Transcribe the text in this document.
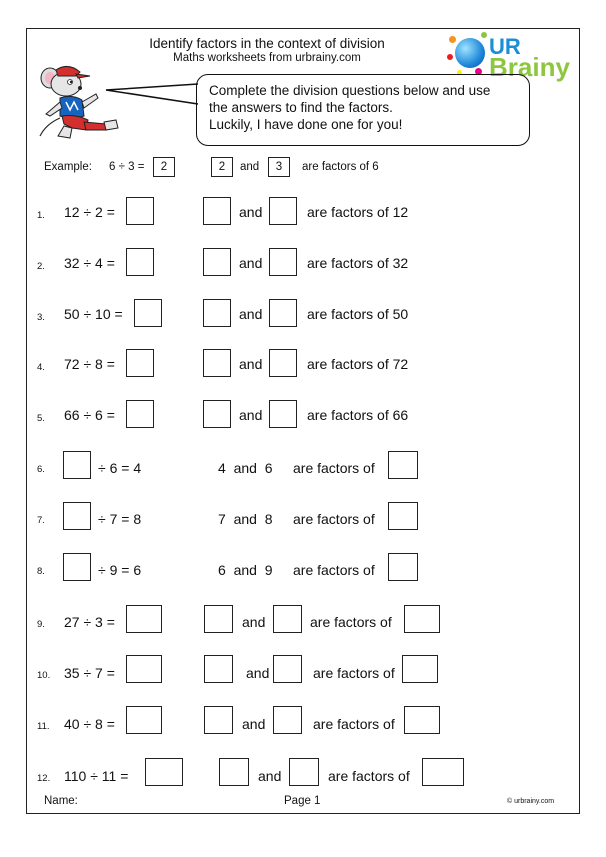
Identify factors in the context of division
Maths worksheets from urbrainy.com	UR
Brainy
Complete the division questions below and use
the answers to find the factors.
Luckily, I have done one for you!
Example: 6 ÷ 3 =	2	2	and	3	are factors of 6
1. 12 ÷ 2 =	and	are factors of 12
2. 32 ÷ 4 =	and	are factors of 32
3. 50 ÷ 10 =	and	are factors of 50
4. 72 ÷ 8 =	and	are factors of 72
5. 66 ÷ 6 =	and	are factors of 66
6.	÷ 6 = 4	4  and  6 are factors of
7.	÷ 7 = 8	7  and  8 are factors of
8.	÷ 9 = 6	6  and  9 are factors of
9. 27 ÷ 3 =	and	are factors of
10. 35 ÷ 7 =	and	are factors of
11. 40 ÷ 8 =	and	are factors of
12. 110 ÷ 11 =	and	are factors of
Name:	Page 1	© urbrainy.com
